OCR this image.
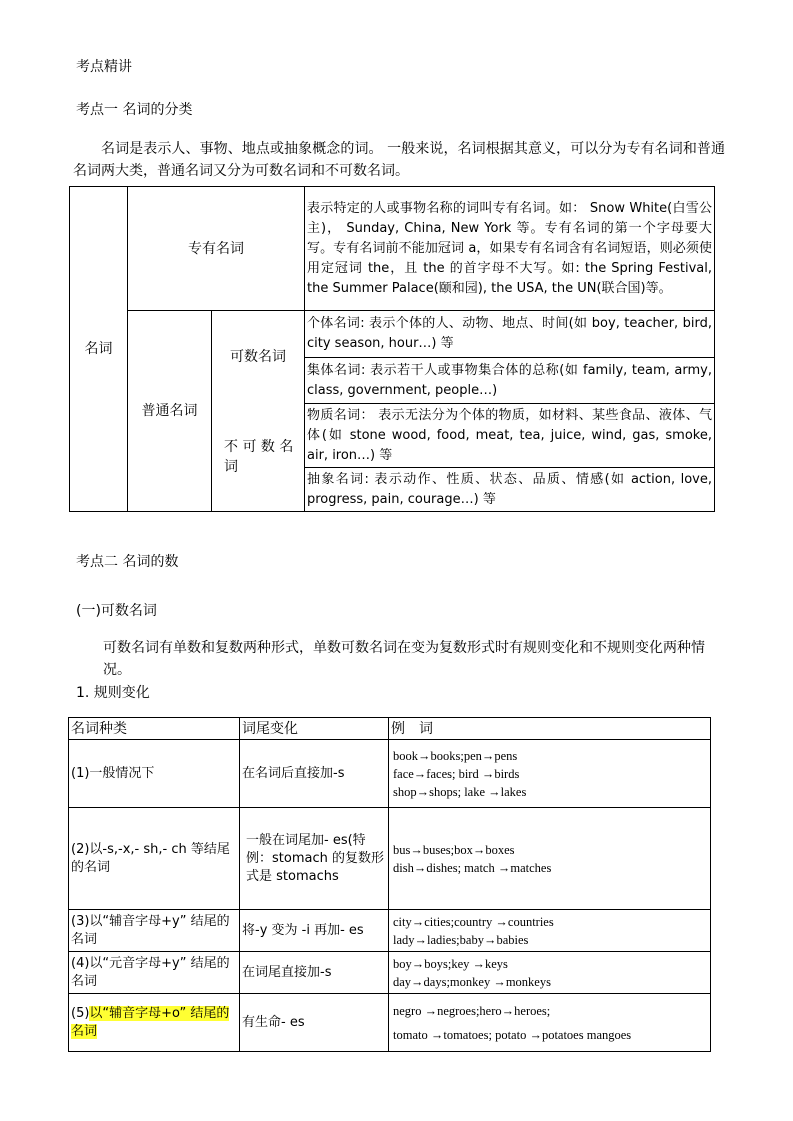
考点精讲
考点一 名词的分类
名词是表示人、事物、地点或抽象概念的词。 一般来说，名词根据其意义，可以分为专有名词和普通名词两大类，普通名词又分为可数名词和不可数名词。
名词	专有名词		表示特定的人或事物名称的词叫专有名词。如： Snow White(白雪公主)， Sunday, China, New York 等。专有名词的第一个字母要大写。专有名词前不能加冠词 a，如果专有名词含有名词短语，则必须使用定冠词 the，且 the 的首字母不大写。如: the Spring Festival, the Summer Palace(颐和园), the USA, the UN(联合国)等。
	普通名词	可数名词	个体名词: 表示个体的人、动物、地点、时间(如 boy, teacher, bird, city season, hour…) 等
			集体名词: 表示若干人或事物集合体的总称(如 family, team, army, class, government, people…)
		不 可 数 名 词	物质名词： 表示无法分为个体的物质，如材料、某些食品、液体、气体(如 stone wood, food, meat, tea, juice, wind, gas, smoke, air, iron…) 等
			抽象名词: 表示动作、性质、状态、品质、情感(如 action, love, progress, pain, courage…) 等
考点二 名词的数
(一)可数名词
可数名词有单数和复数两种形式，单数可数名词在变为复数形式时有规则变化和不规则变化两种情况。
1. 规则变化
名词种类	词尾变化	例　词
(1)一般情况下	在名词后直接加-s	book→books;pen→pens
face→faces; bird →birds
shop→shops; lake →lakes

(2)以-s,-x,- sh,- ch 等结尾的名词	一般在词尾加- es(特例：stomach 的复数形式是 stomachs	bus→buses;box→boxes
dish→dishes; match →matches

(3)以“辅音字母+y” 结尾的名词	将-y 变为 -i 再加- es	city→cities;country →countries
lady→ladies;baby→babies

(4)以“元音字母+y” 结尾的名词	在词尾直接加-s	boy→boys;key →keys
day→days;monkey →monkeys

(5)以“辅音字母+o” 结尾的名词	有生命- es	negro →negroes;hero→heroes;
tomato →tomatoes; potato →potatoes mangoes
